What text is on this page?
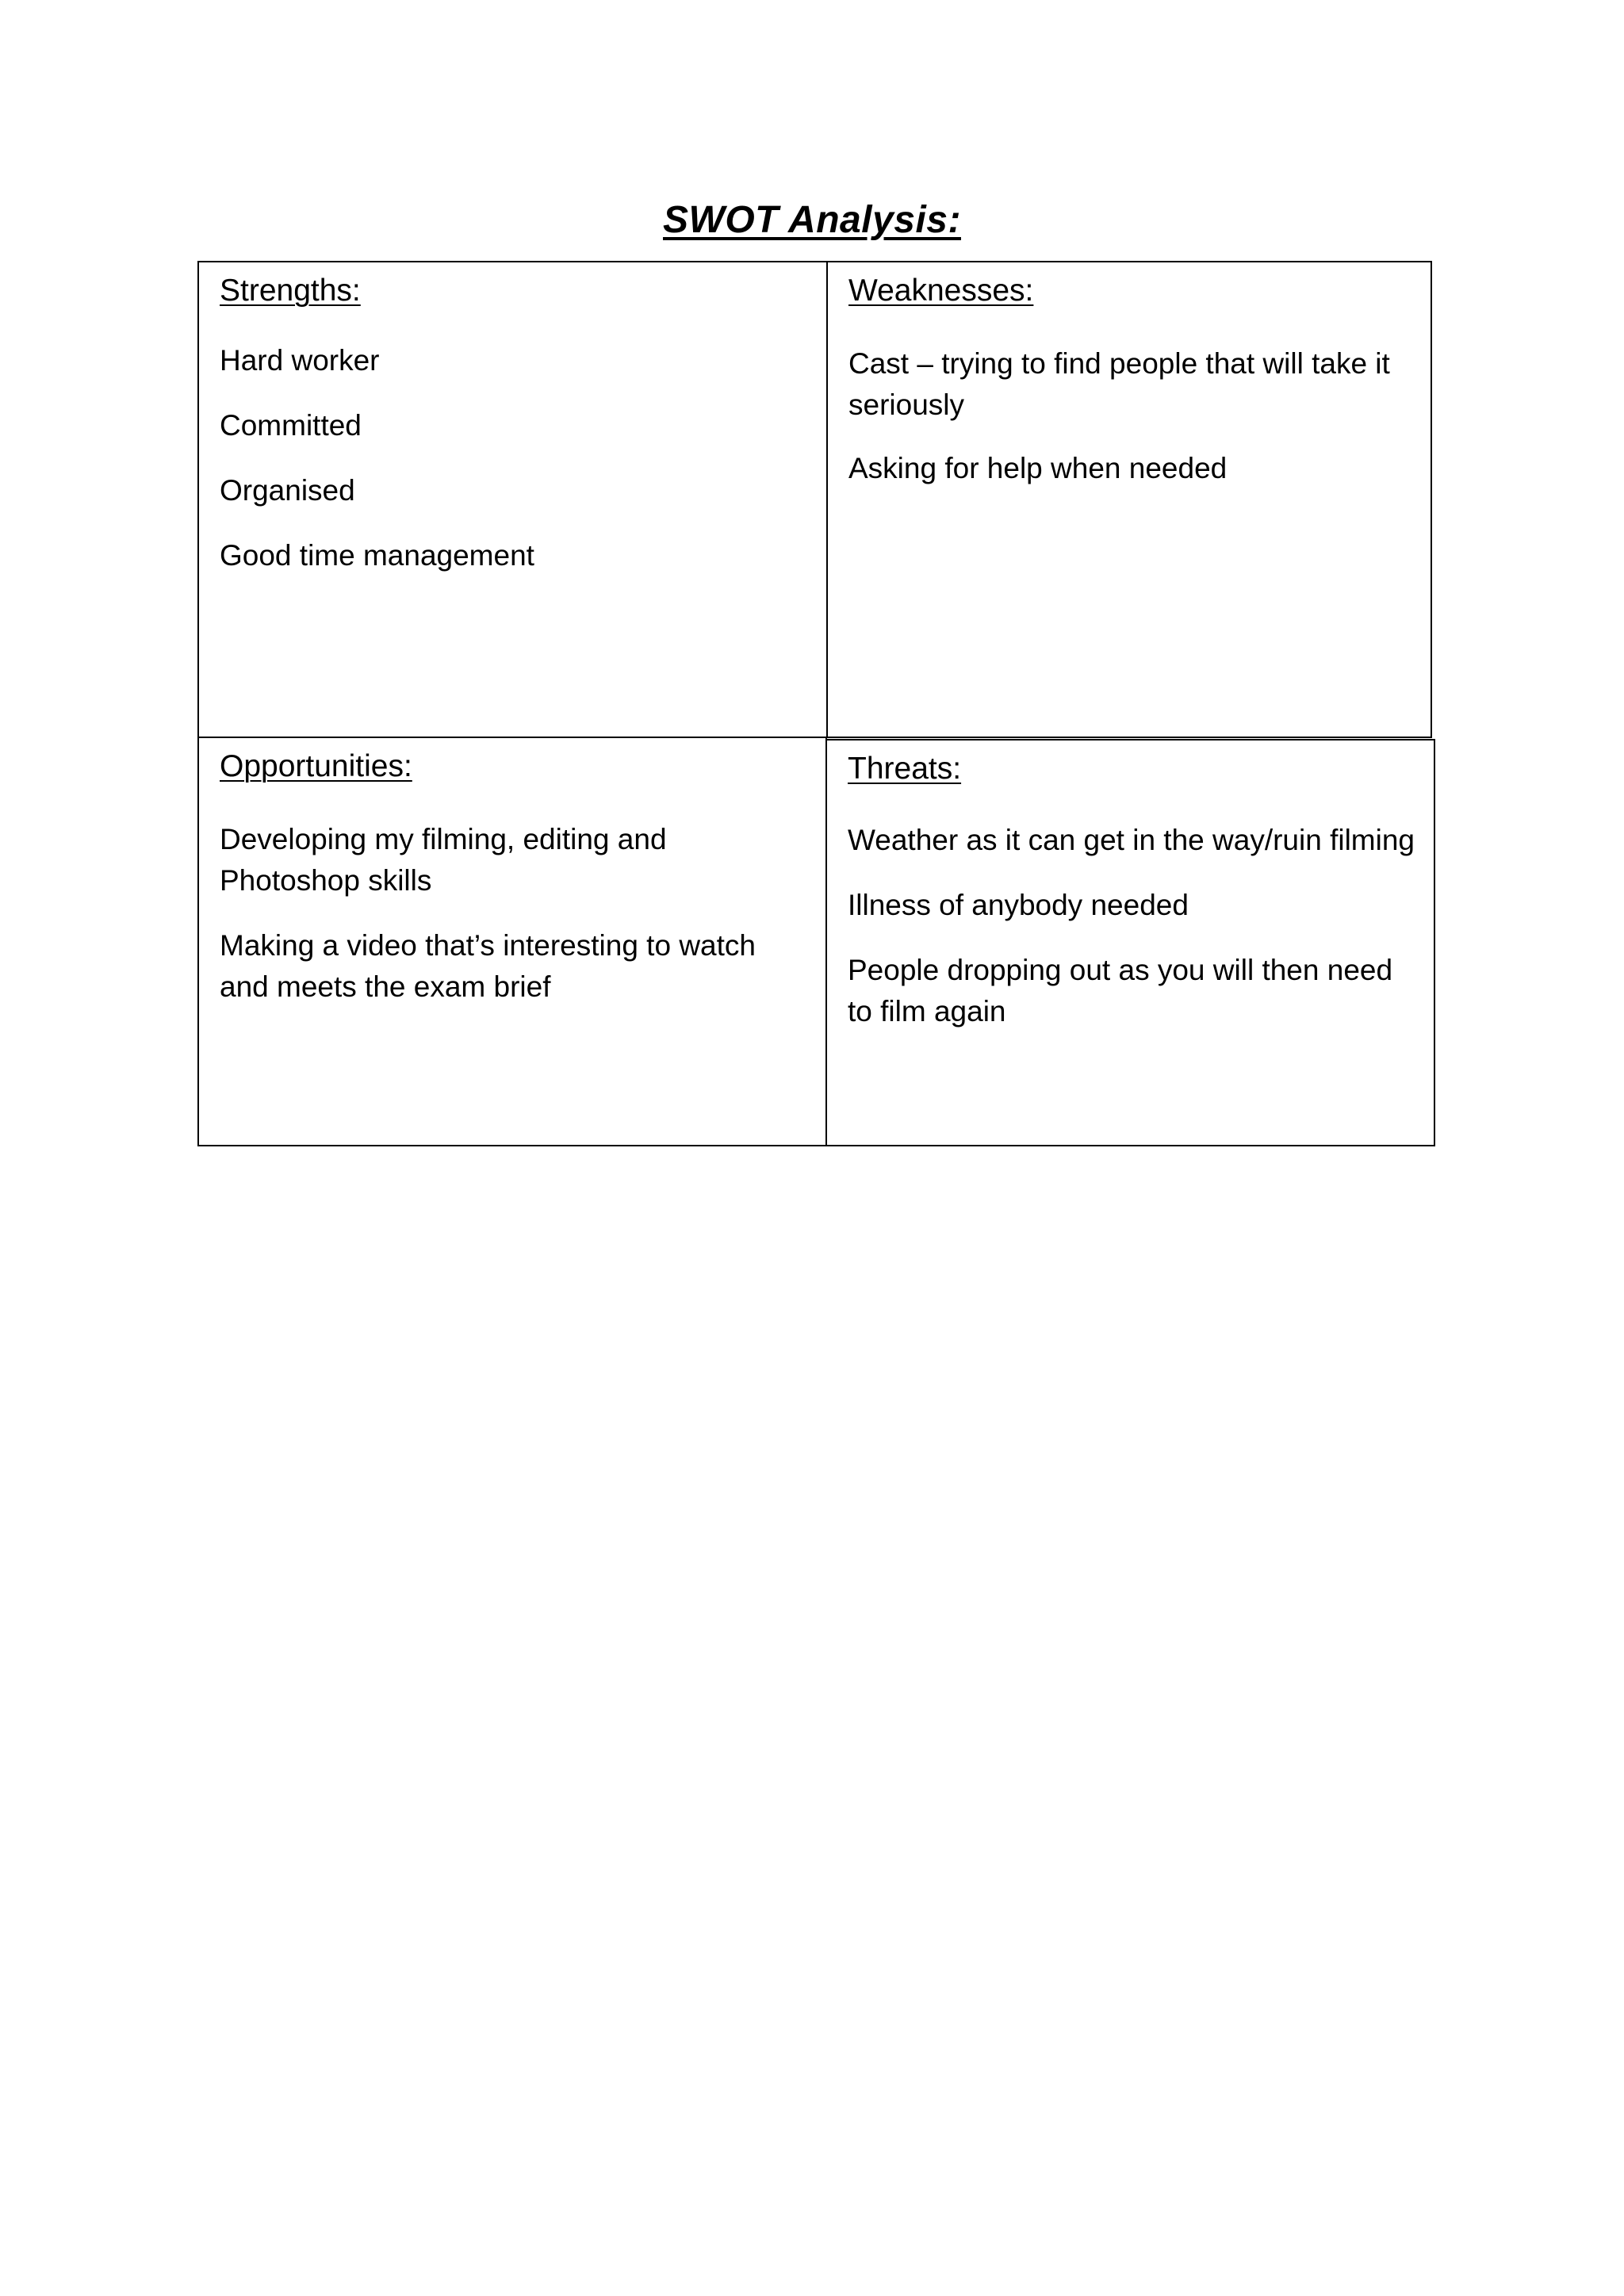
SWOT Analysis:
Strengths:
Hard worker
Committed
Organised
Good time management
Weaknesses:
Cast – trying to find people that will take it seriously
Asking for help when needed
Opportunities:
Developing my filming, editing and Photoshop skills
Making a video that’s interesting to watch and meets the exam brief
Threats:
Weather as it can get in the way/ruin filming
Illness of anybody needed
People dropping out as you will then need to film again
